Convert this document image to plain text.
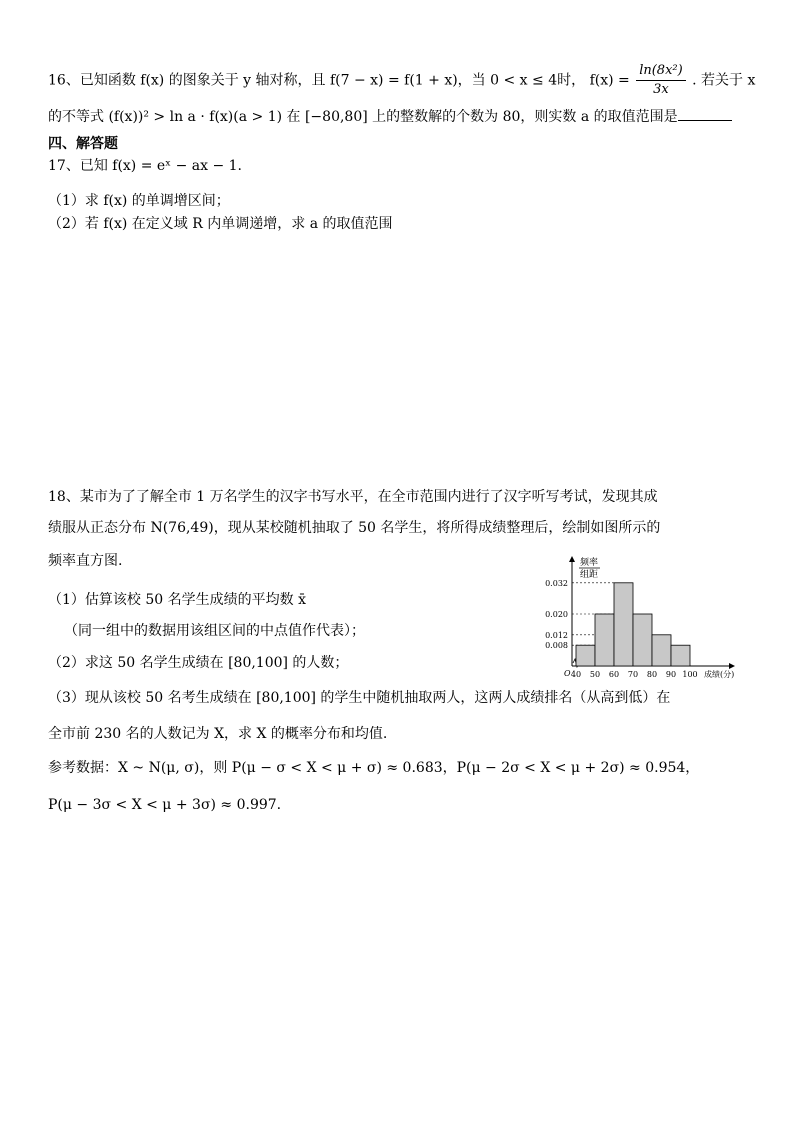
16、已知函数 f(x) 的图象关于 y 轴对称，且 f(7 − x) = f(1 + x)，当 0 < x ≤ 4时， $f(x) = \frac{\text{ln(8x²)}}{3x}$ . 若关于 x
的不等式 (f(x))² > ln a · f(x)(a > 1) 在 [−80,80] 上的整数解的个数为 80，则实数 a 的取值范围是
四、解答题
17、已知 f(x) = eˣ − ax − 1.
（1）求 f(x) 的单调增区间；
（2）若 f(x) 在定义域 R 内单调递增，求 a 的取值范围
18、某市为了了解全市 1 万名学生的汉字书写水平，在全市范围内进行了汉字听写考试，发现其成
绩服从正态分布 N(76,49)，现从某校随机抽取了 50 名学生，将所得成绩整理后，绘制如图所示的
频率直方图.
（1）估算该校 50 名学生成绩的平均数 x̄
（同一组中的数据用该组区间的中点值作代表）；
（2）求这 50 名学生成绩在 [80,100] 的人数；
（3）现从该校 50 名考生成绩在 [80,100] 的学生中随机抽取两人，这两人成绩排名（从高到低）在
全市前 230 名的人数记为 X，求 X 的概率分布和均值.
参考数据：X ~ N(μ, σ)，则 P(μ − σ < X < μ + σ) ≈ 0.683，P(μ − 2σ < X < μ + 2σ) ≈ 0.954，
P(μ − 3σ < X < μ + 3σ) ≈ 0.997.
频率
组距
0.008
0.012
0.020
0.032
40 50 60 70 80 90 100
O	成绩(分)
